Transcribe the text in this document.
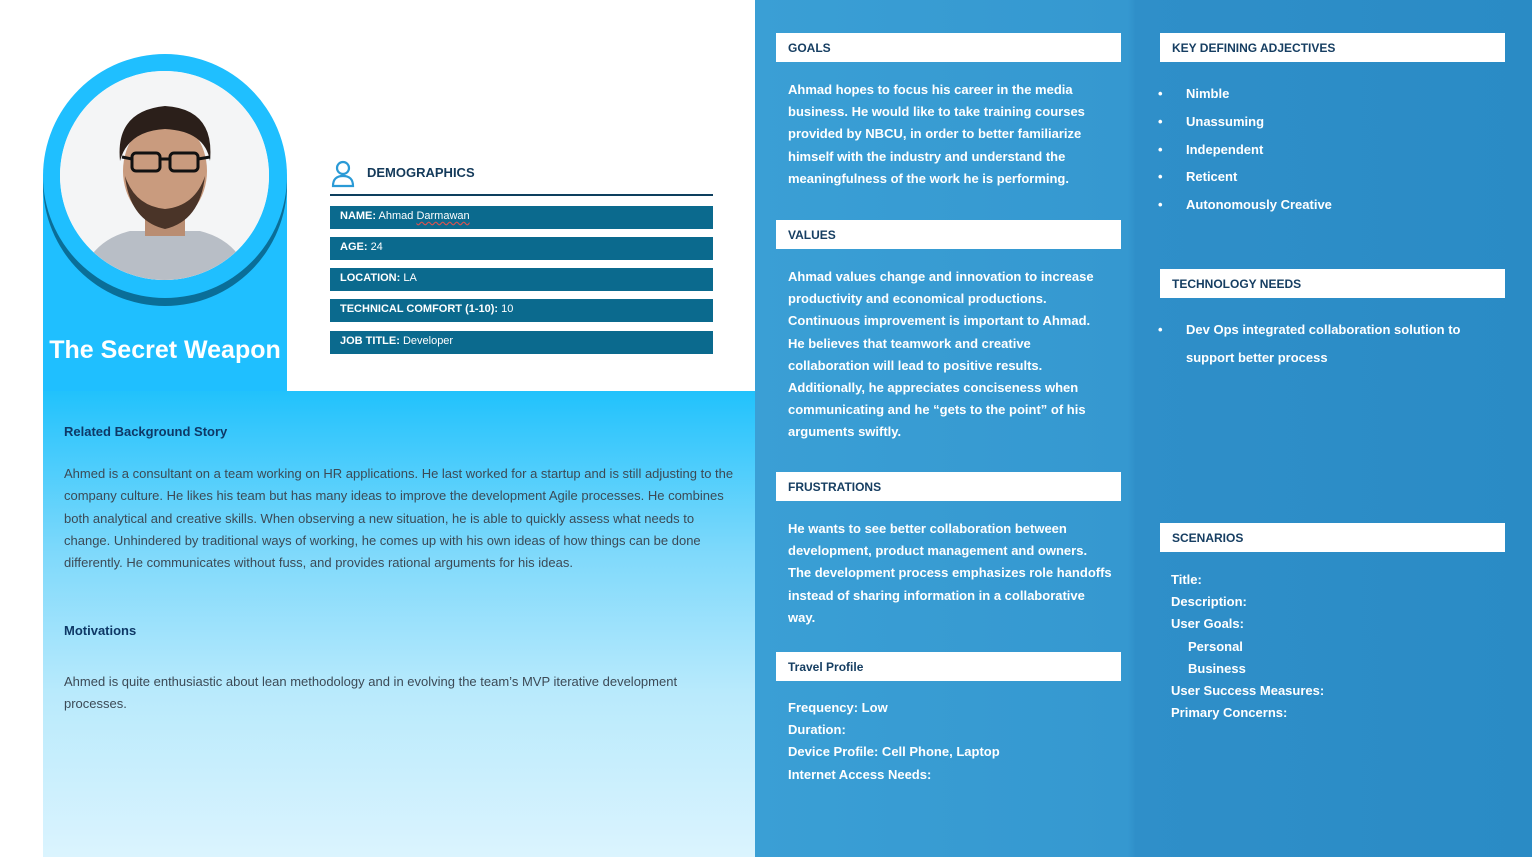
The Secret Weapon
DEMOGRAPHICS
NAME: Ahmad Darmawan
AGE: 24
LOCATION: LA
TECHNICAL COMFORT (1-10): 10
JOB TITLE: Developer
Related Background Story
Ahmed is a consultant on a team working on HR applications. He last worked for a startup and is still adjusting to the company culture. He likes his team but has many ideas to improve the development Agile processes. He combines both analytical and creative skills. When observing a new situation, he is able to quickly assess what needs to change. Unhindered by traditional ways of working, he comes up with his own ideas of how things can be done differently. He communicates without fuss, and provides rational arguments for his ideas.
Motivations
Ahmed is quite enthusiastic about lean methodology and in evolving the team’s MVP iterative development processes.
GOALS
Ahmad hopes to focus his career in the media business. He would like to take training courses provided by NBCU, in order to better familiarize himself with the industry and understand the meaningfulness of the work he is performing.
VALUES
Ahmad values change and innovation to increase productivity and economical productions. Continuous improvement is important to Ahmad. He believes that teamwork and creative collaboration will lead to positive results. Additionally, he appreciates conciseness when communicating and he “gets to the point” of his arguments swiftly.
FRUSTRATIONS
He wants to see better collaboration between development, product management and owners. The development process emphasizes role handoffs instead of sharing information in a collaborative way.
Travel Profile
Frequency: Low
Duration:
Device Profile: Cell Phone, Laptop
Internet Access Needs:
KEY DEFINING ADJECTIVES
• Nimble
• Unassuming
• Independent
• Reticent
• Autonomously Creative
TECHNOLOGY NEEDS
• Dev Ops integrated collaboration solution to support better process
SCENARIOS
Title:
Description:
User Goals:
Personal
Business
User Success Measures:
Primary Concerns:
